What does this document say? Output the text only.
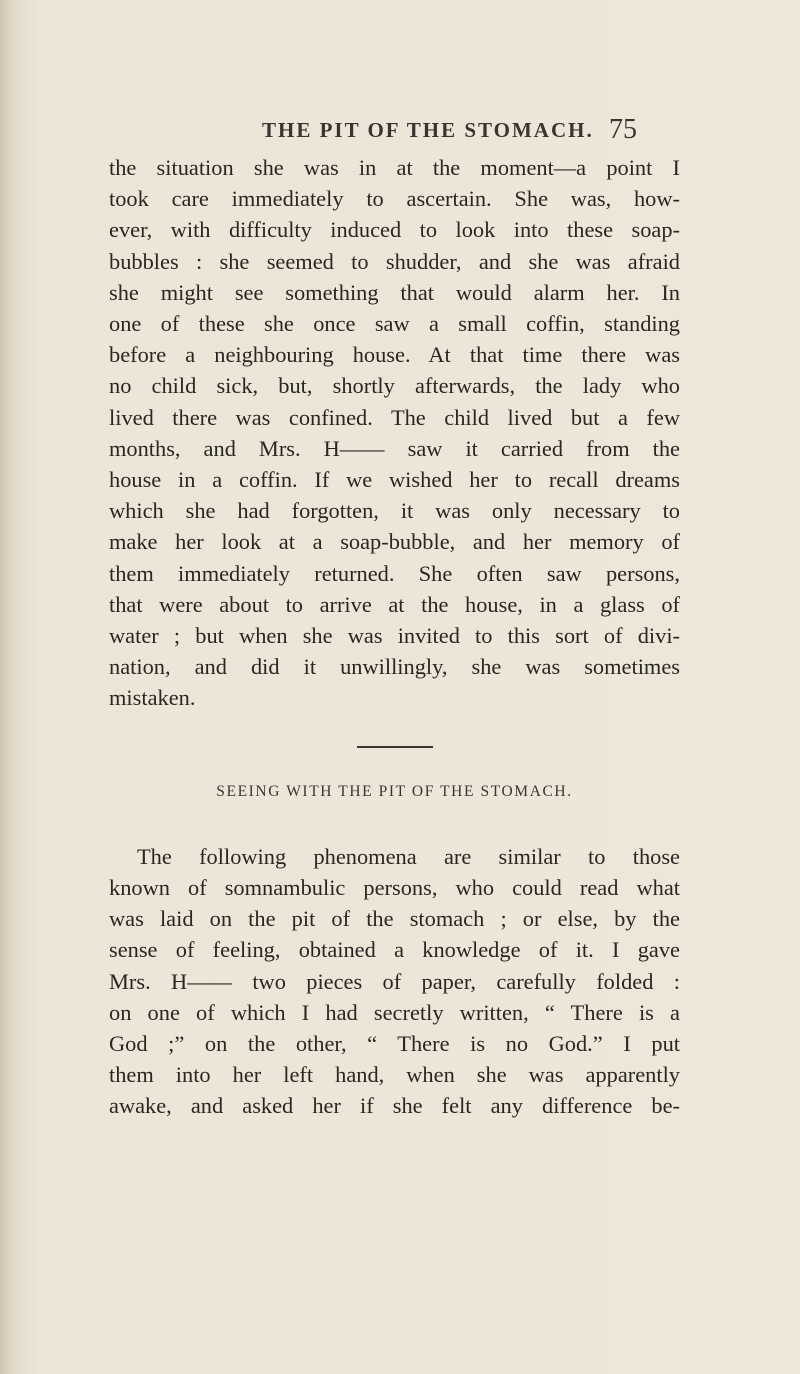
THE PIT OF THE STOMACH. 75
the situation she was in at the moment—a point I
took care immediately to ascertain. She was, how-
ever, with difficulty induced to look into these soap-
bubbles : she seemed to shudder, and she was afraid
she might see something that would alarm her. In
one of these she once saw a small coffin, standing
before a neighbouring house. At that time there was
no child sick, but, shortly afterwards, the lady who
lived there was confined. The child lived but a few
months, and Mrs. H—— saw it carried from the
house in a coffin. If we wished her to recall dreams
which she had forgotten, it was only necessary to
make her look at a soap-bubble, and her memory of
them immediately returned. She often saw persons,
that were about to arrive at the house, in a glass of
water ; but when she was invited to this sort of divi-
nation, and did it unwillingly, she was sometimes
mistaken.
SEEING WITH THE PIT OF THE STOMACH.
The following phenomena are similar to those
known of somnambulic persons, who could read what
was laid on the pit of the stomach ; or else, by the
sense of feeling, obtained a knowledge of it. I gave
Mrs. H—— two pieces of paper, carefully folded :
on one of which I had secretly written, “ There is a
God ;” on the other, “ There is no God.” I put
them into her left hand, when she was apparently
awake, and asked her if she felt any difference be-
